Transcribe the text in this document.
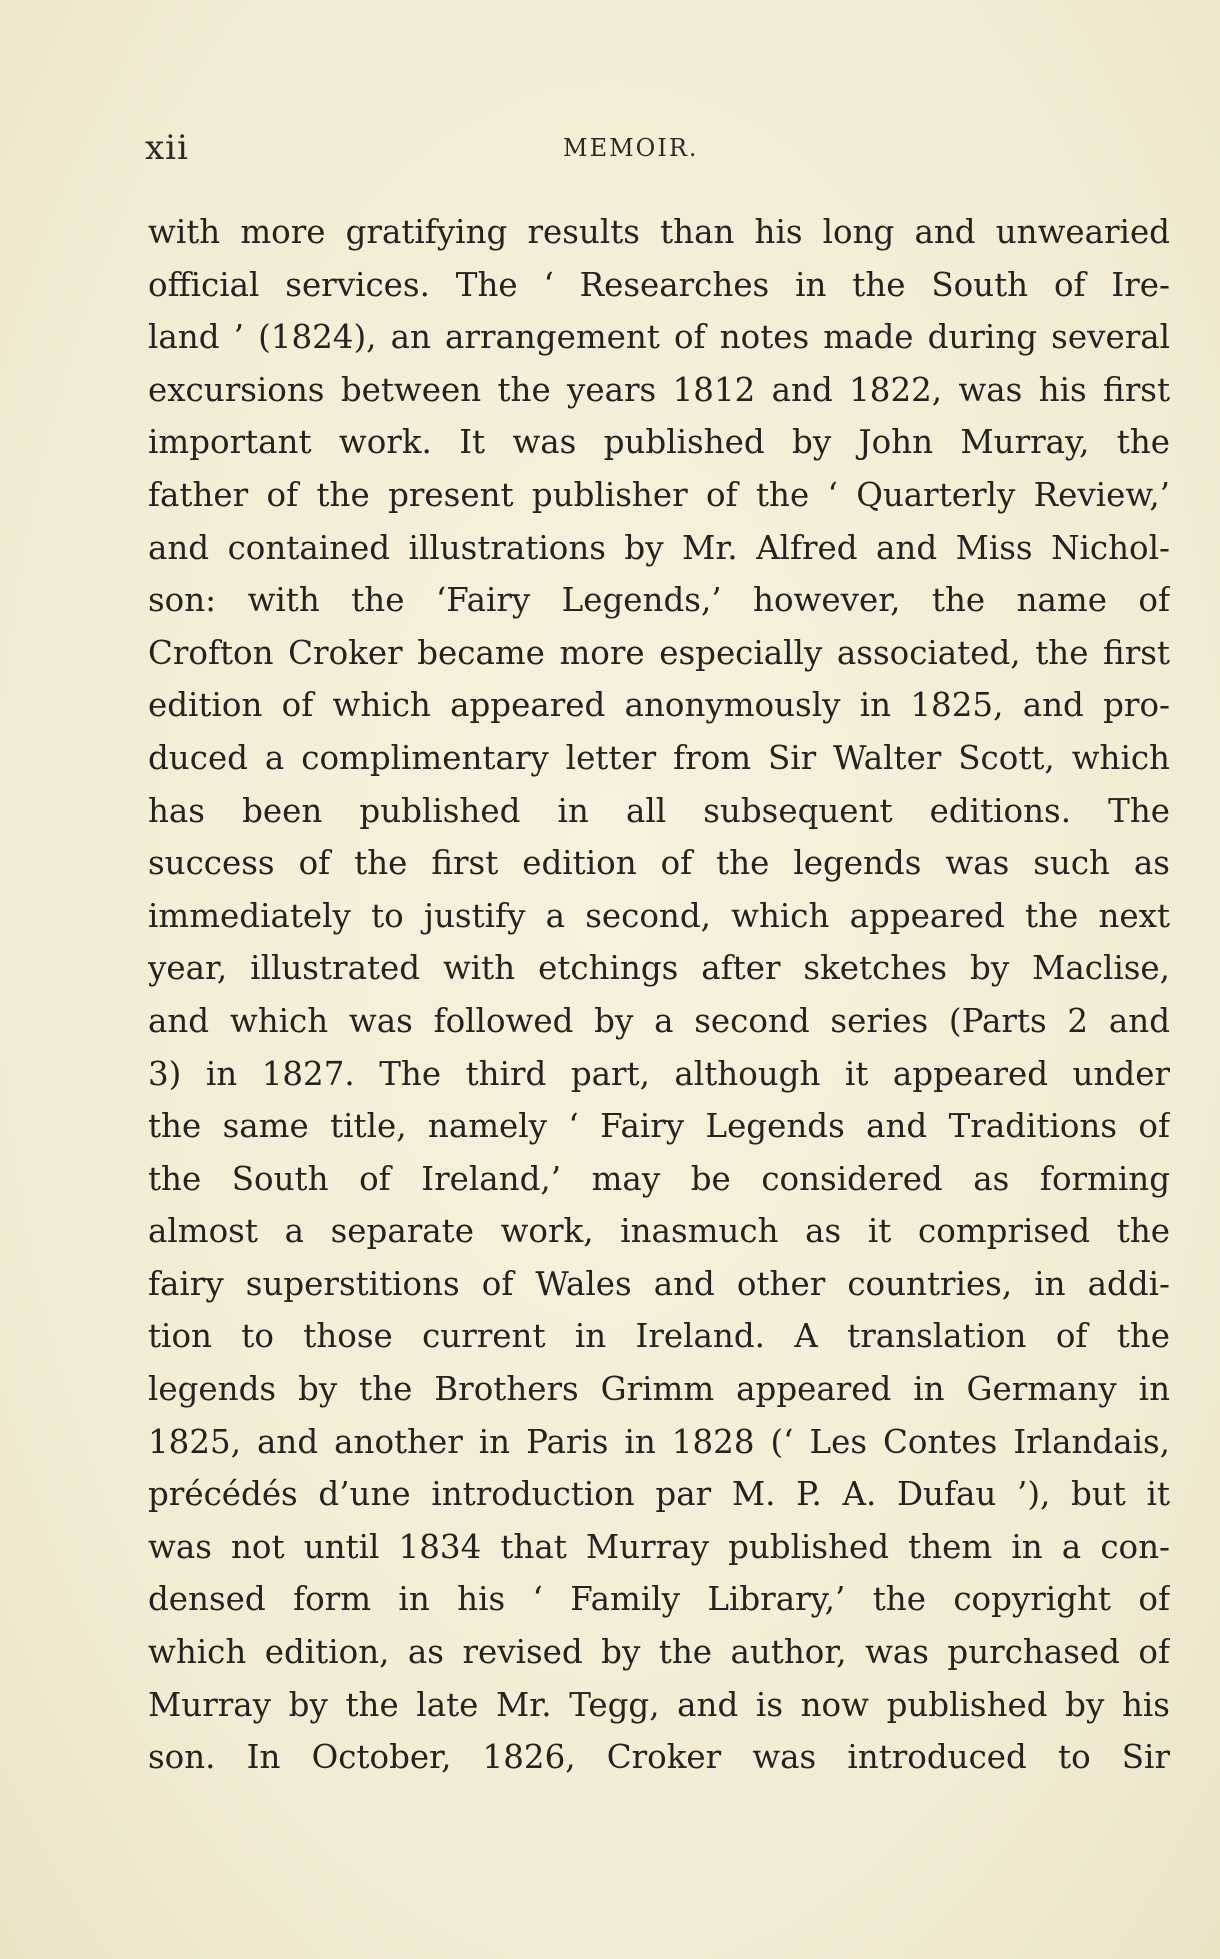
xii	MEMOIR.
with more gratifying results than his long and unwearied
official services. The ‘ Researches in the South of Ire-
land ’ (1824), an arrangement of notes made during several
excursions between the years 1812 and 1822, was his first
important work. It was published by John Murray, the
father of the present publisher of the ‘ Quarterly Review,’
and contained illustrations by Mr. Alfred and Miss Nichol-
son: with the ‘Fairy Legends,’ however, the name of
Crofton Croker became more especially associated, the first
edition of which appeared anonymously in 1825, and pro-
duced a complimentary letter from Sir Walter Scott, which
has been published in all subsequent editions. The
success of the first edition of the legends was such as
immediately to justify a second, which appeared the next
year, illustrated with etchings after sketches by Maclise,
and which was followed by a second series (Parts 2 and
3) in 1827. The third part, although it appeared under
the same title, namely ‘ Fairy Legends and Traditions of
the South of Ireland,’ may be considered as forming
almost a separate work, inasmuch as it comprised the
fairy superstitions of Wales and other countries, in addi-
tion to those current in Ireland. A translation of the
legends by the Brothers Grimm appeared in Germany in
1825, and another in Paris in 1828 (‘ Les Contes Irlandais,
précédés d’une introduction par M. P. A. Dufau ’), but it
was not until 1834 that Murray published them in a con-
densed form in his ‘ Family Library,’ the copyright of
which edition, as revised by the author, was purchased of
Murray by the late Mr. Tegg, and is now published by his
son. In October, 1826, Croker was introduced to Sir
